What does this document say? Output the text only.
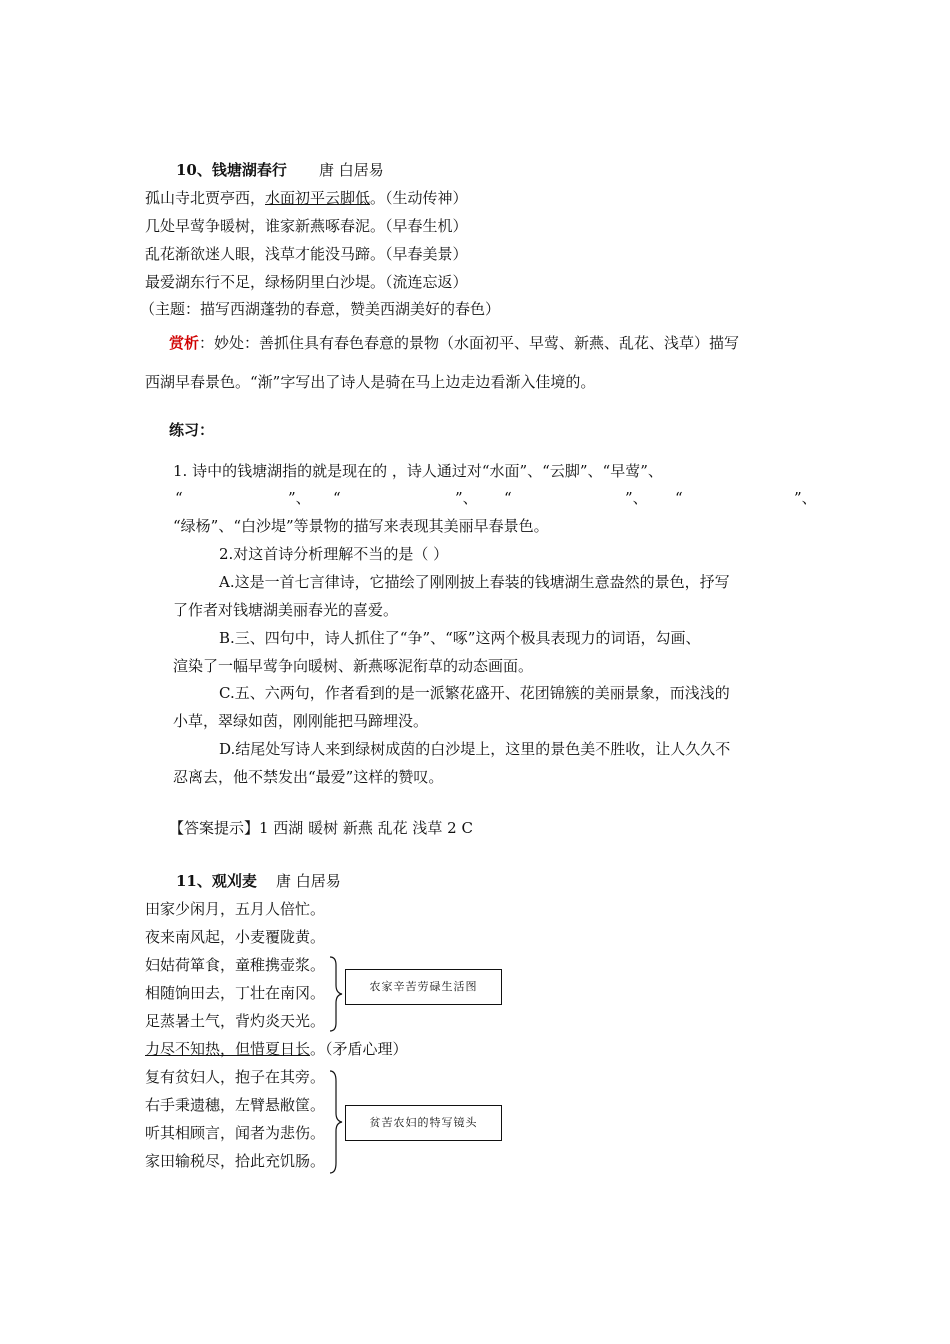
10、钱塘湖春行 唐 白居易
孤山寺北贾亭西，水面初平云脚低。（生动传神）
几处早莺争暖树，谁家新燕啄春泥。（早春生机）
乱花渐欲迷人眼，浅草才能没马蹄。（早春美景）
最爱湖东行不足，绿杨阴里白沙堤。（流连忘返）
（主题：描写西湖蓬勃的春意，赞美西湖美好的春色）
赏析：妙处：善抓住具有春色春意的景物（水面初平、早莺、新燕、乱花、浅草）描写
西湖早春景色。“渐”字写出了诗人是骑在马上边走边看渐入佳境的。
练习：
1. 诗中的钱塘湖指的就是现在的 ，诗人通过对“水面”、“云脚”、“早莺”、
“	”、 “	”、 “	”、 “	”、
“绿杨”、“白沙堤”等景物的描写来表现其美丽早春景色。
2.对这首诗分析理解不当的是（ ）
A.这是一首七言律诗，它描绘了刚刚披上春装的钱塘湖生意盎然的景色，抒写
了作者对钱塘湖美丽春光的喜爱。
B.三、四句中，诗人抓住了“争”、“啄”这两个极具表现力的词语，勾画、
渲染了一幅早莺争向暖树、新燕啄泥衔草的动态画面。
C.五、六两句，作者看到的是一派繁花盛开、花团锦簇的美丽景象，而浅浅的
小草，翠绿如茵，刚刚能把马蹄埋没。
D.结尾处写诗人来到绿树成茵的白沙堤上，这里的景色美不胜收，让人久久不
忍离去，他不禁发出“最爱”这样的赞叹。
【答案提示】1 西湖 暖树 新燕 乱花 浅草 2 C
11、观刈麦 唐 白居易
田家少闲月，五月人倍忙。
夜来南风起，小麦覆陇黄。
妇姑荷箪食，童稚携壶浆。
相随饷田去，丁壮在南冈。
足蒸暑土气，背灼炎天光。
力尽不知热，但惜夏日长。（矛盾心理）
复有贫妇人，抱子在其旁。
右手秉遗穗，左臂悬敝筐。
听其相顾言，闻者为悲伤。
家田输税尽，拾此充饥肠。
农家辛苦劳碌生活图
贫苦农妇的特写镜头
